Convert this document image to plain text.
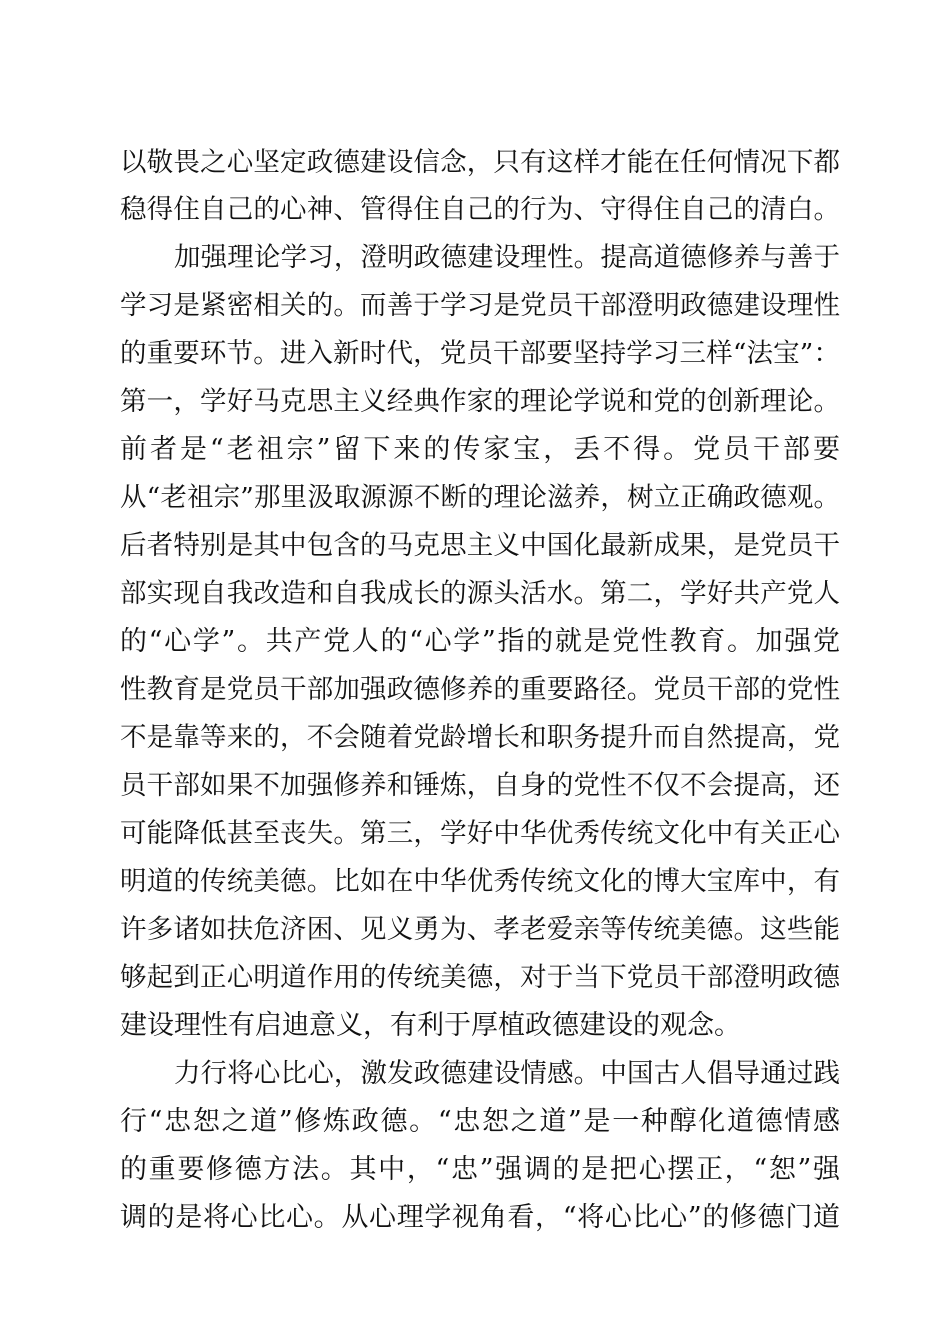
以敬畏之心坚定政德建设信念，只有这样才能在任何情况下都
稳得住自己的心神、管得住自己的行为、守得住自己的清白。
加强理论学习，澄明政德建设理性。提高道德修养与善于
学习是紧密相关的。而善于学习是党员干部澄明政德建设理性
的重要环节。进入新时代，党员干部要坚持学习三样“法宝”：
第一，学好马克思主义经典作家的理论学说和党的创新理论。
前者是“老祖宗”留下来的传家宝，丢不得。党员干部要
从“老祖宗”那里汲取源源不断的理论滋养，树立正确政德观。
后者特别是其中包含的马克思主义中国化最新成果，是党员干
部实现自我改造和自我成长的源头活水。第二，学好共产党人
的“心学”。共产党人的“心学”指的就是党性教育。加强党
性教育是党员干部加强政德修养的重要路径。党员干部的党性
不是靠等来的，不会随着党龄增长和职务提升而自然提高，党
员干部如果不加强修养和锤炼，自身的党性不仅不会提高，还
可能降低甚至丧失。第三，学好中华优秀传统文化中有关正心
明道的传统美德。比如在中华优秀传统文化的博大宝库中，有
许多诸如扶危济困、见义勇为、孝老爱亲等传统美德。这些能
够起到正心明道作用的传统美德，对于当下党员干部澄明政德
建设理性有启迪意义，有利于厚植政德建设的观念。
力行将心比心，激发政德建设情感。中国古人倡导通过践
行“忠恕之道”修炼政德。“忠恕之道”是一种醇化道德情感
的重要修德方法。其中，“忠”强调的是把心摆正，“恕”强
调的是将心比心。从心理学视角看，“将心比心”的修德门道
